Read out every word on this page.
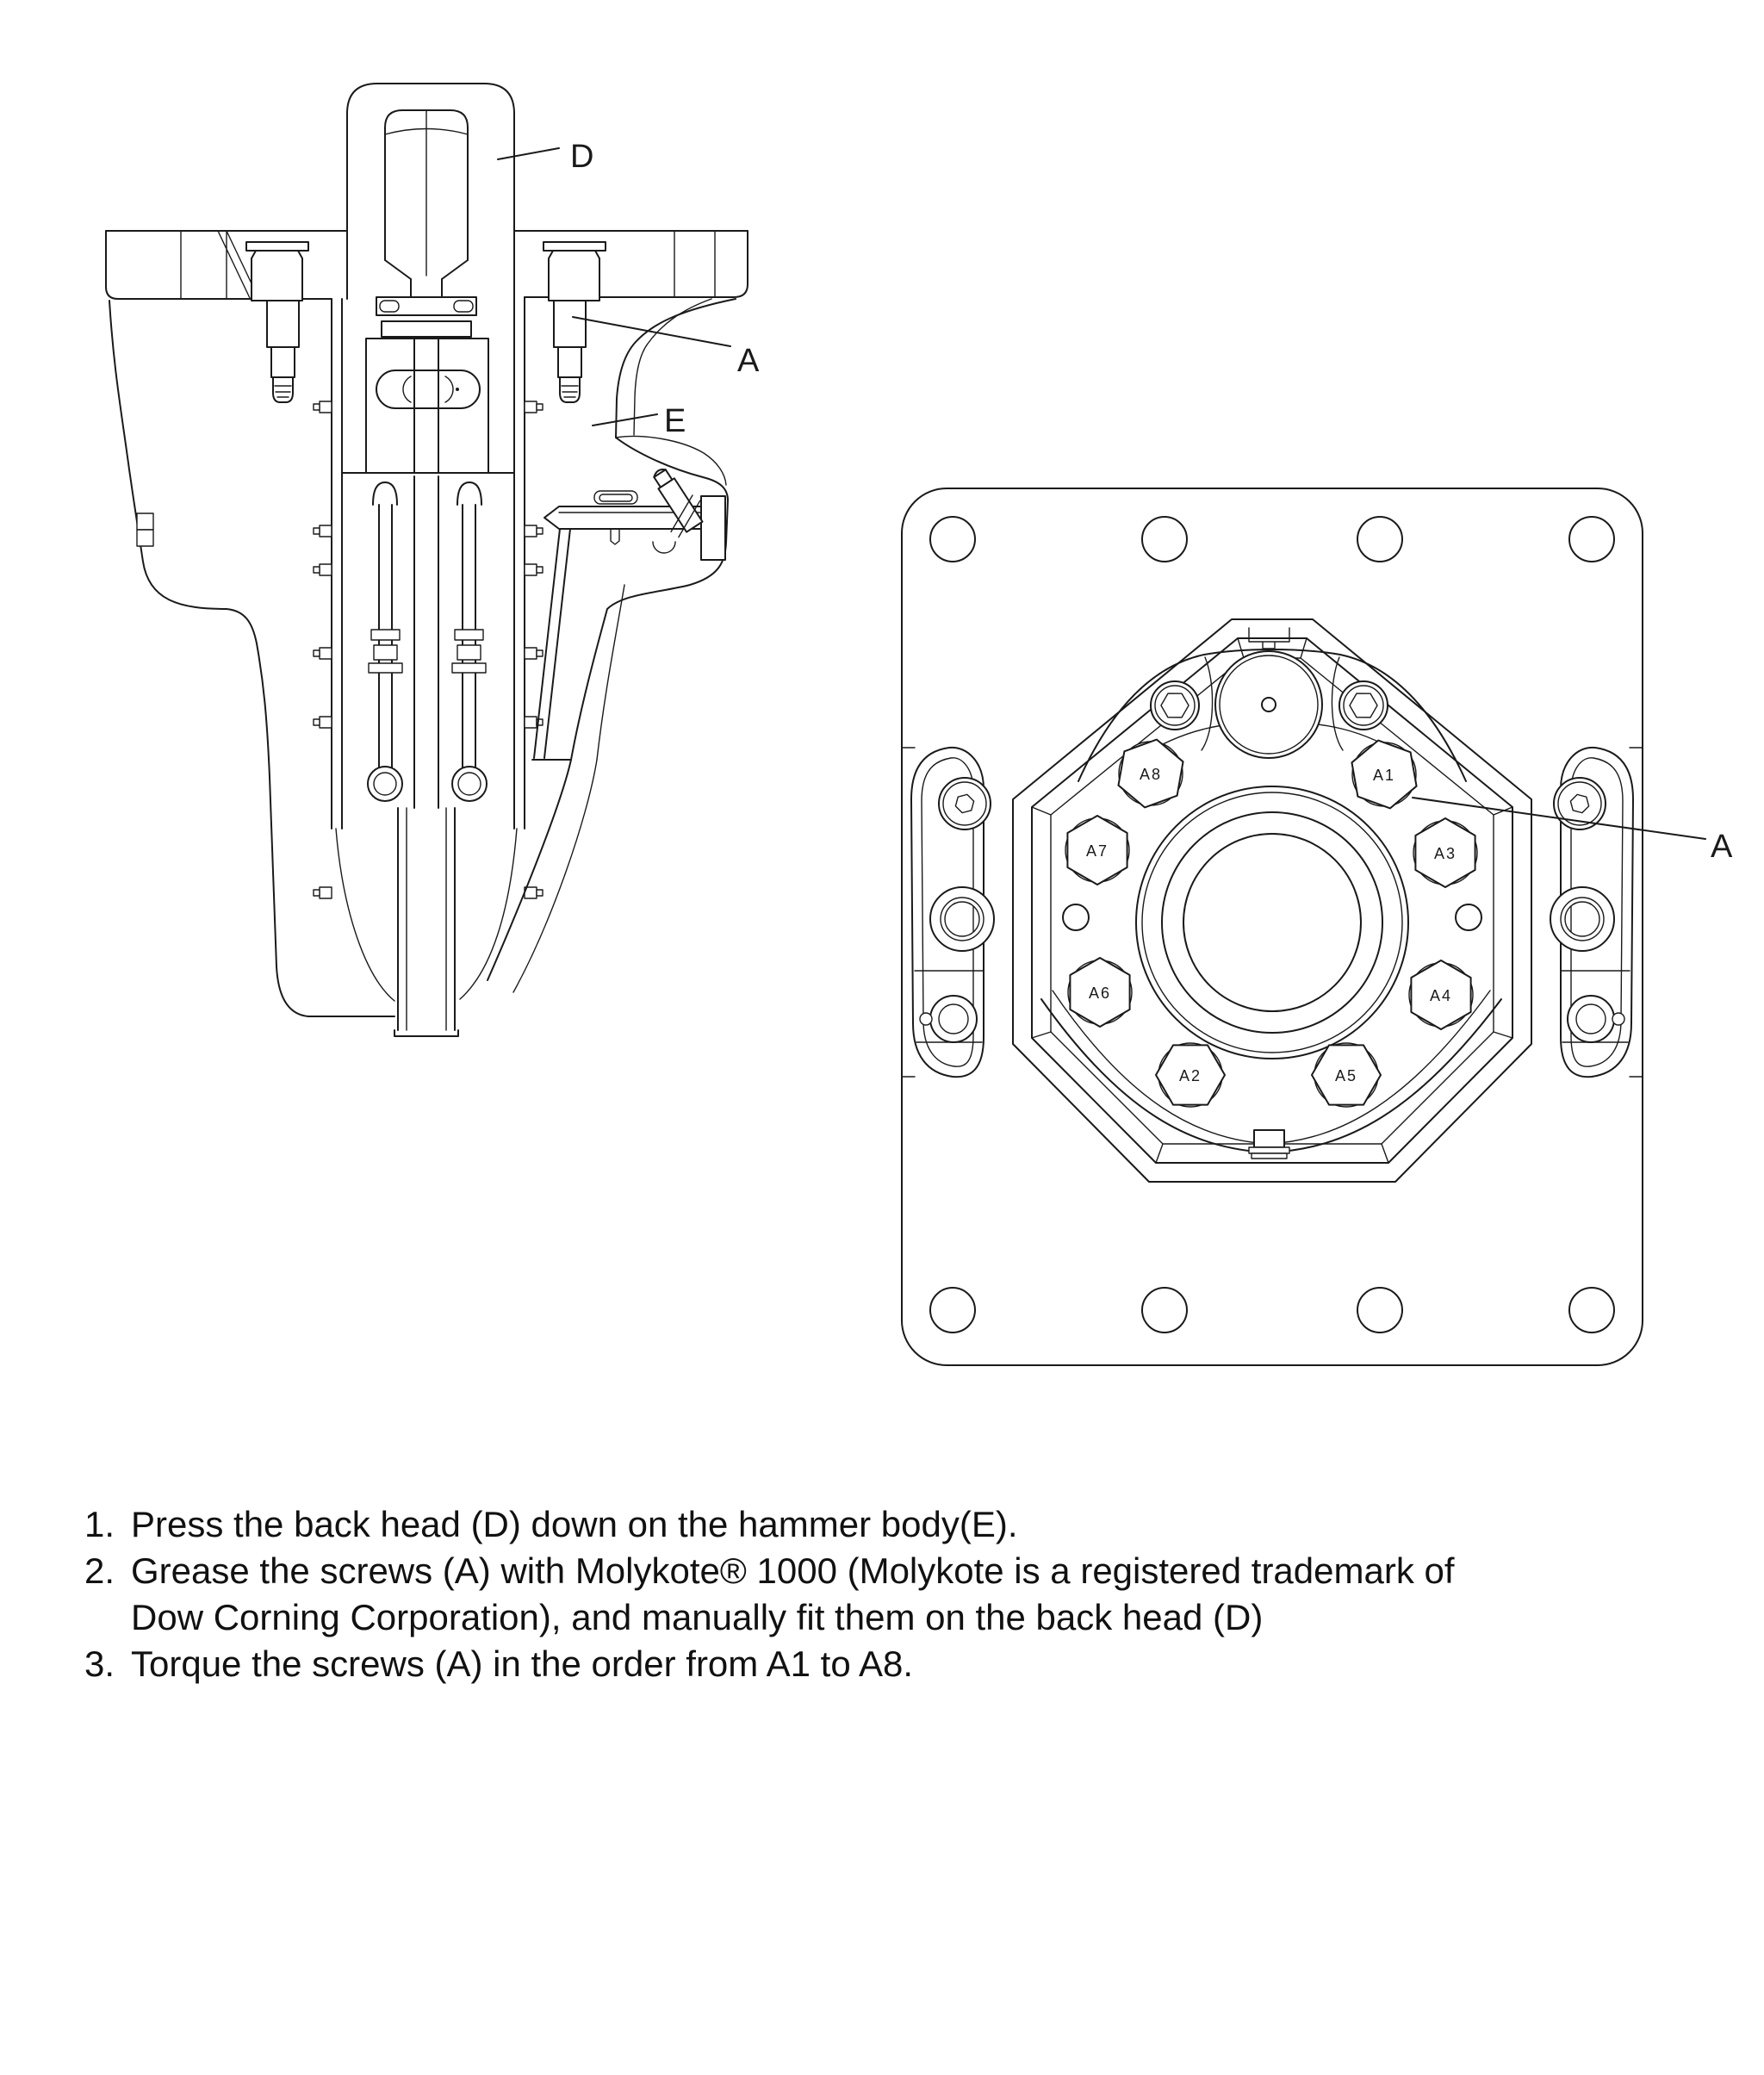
A1
A2
A3
A4
A5
A6
A7
A8
D
A
E
A
1. Press the back head (D) down on the hammer body(E).
2. Grease the screws (A) with Molykote® 1000 (Molykote is a registered trademark of
Dow Corning Corporation), and manually fit them on the back head (D)
3. Torque the screws (A) in the order from A1 to A8.
